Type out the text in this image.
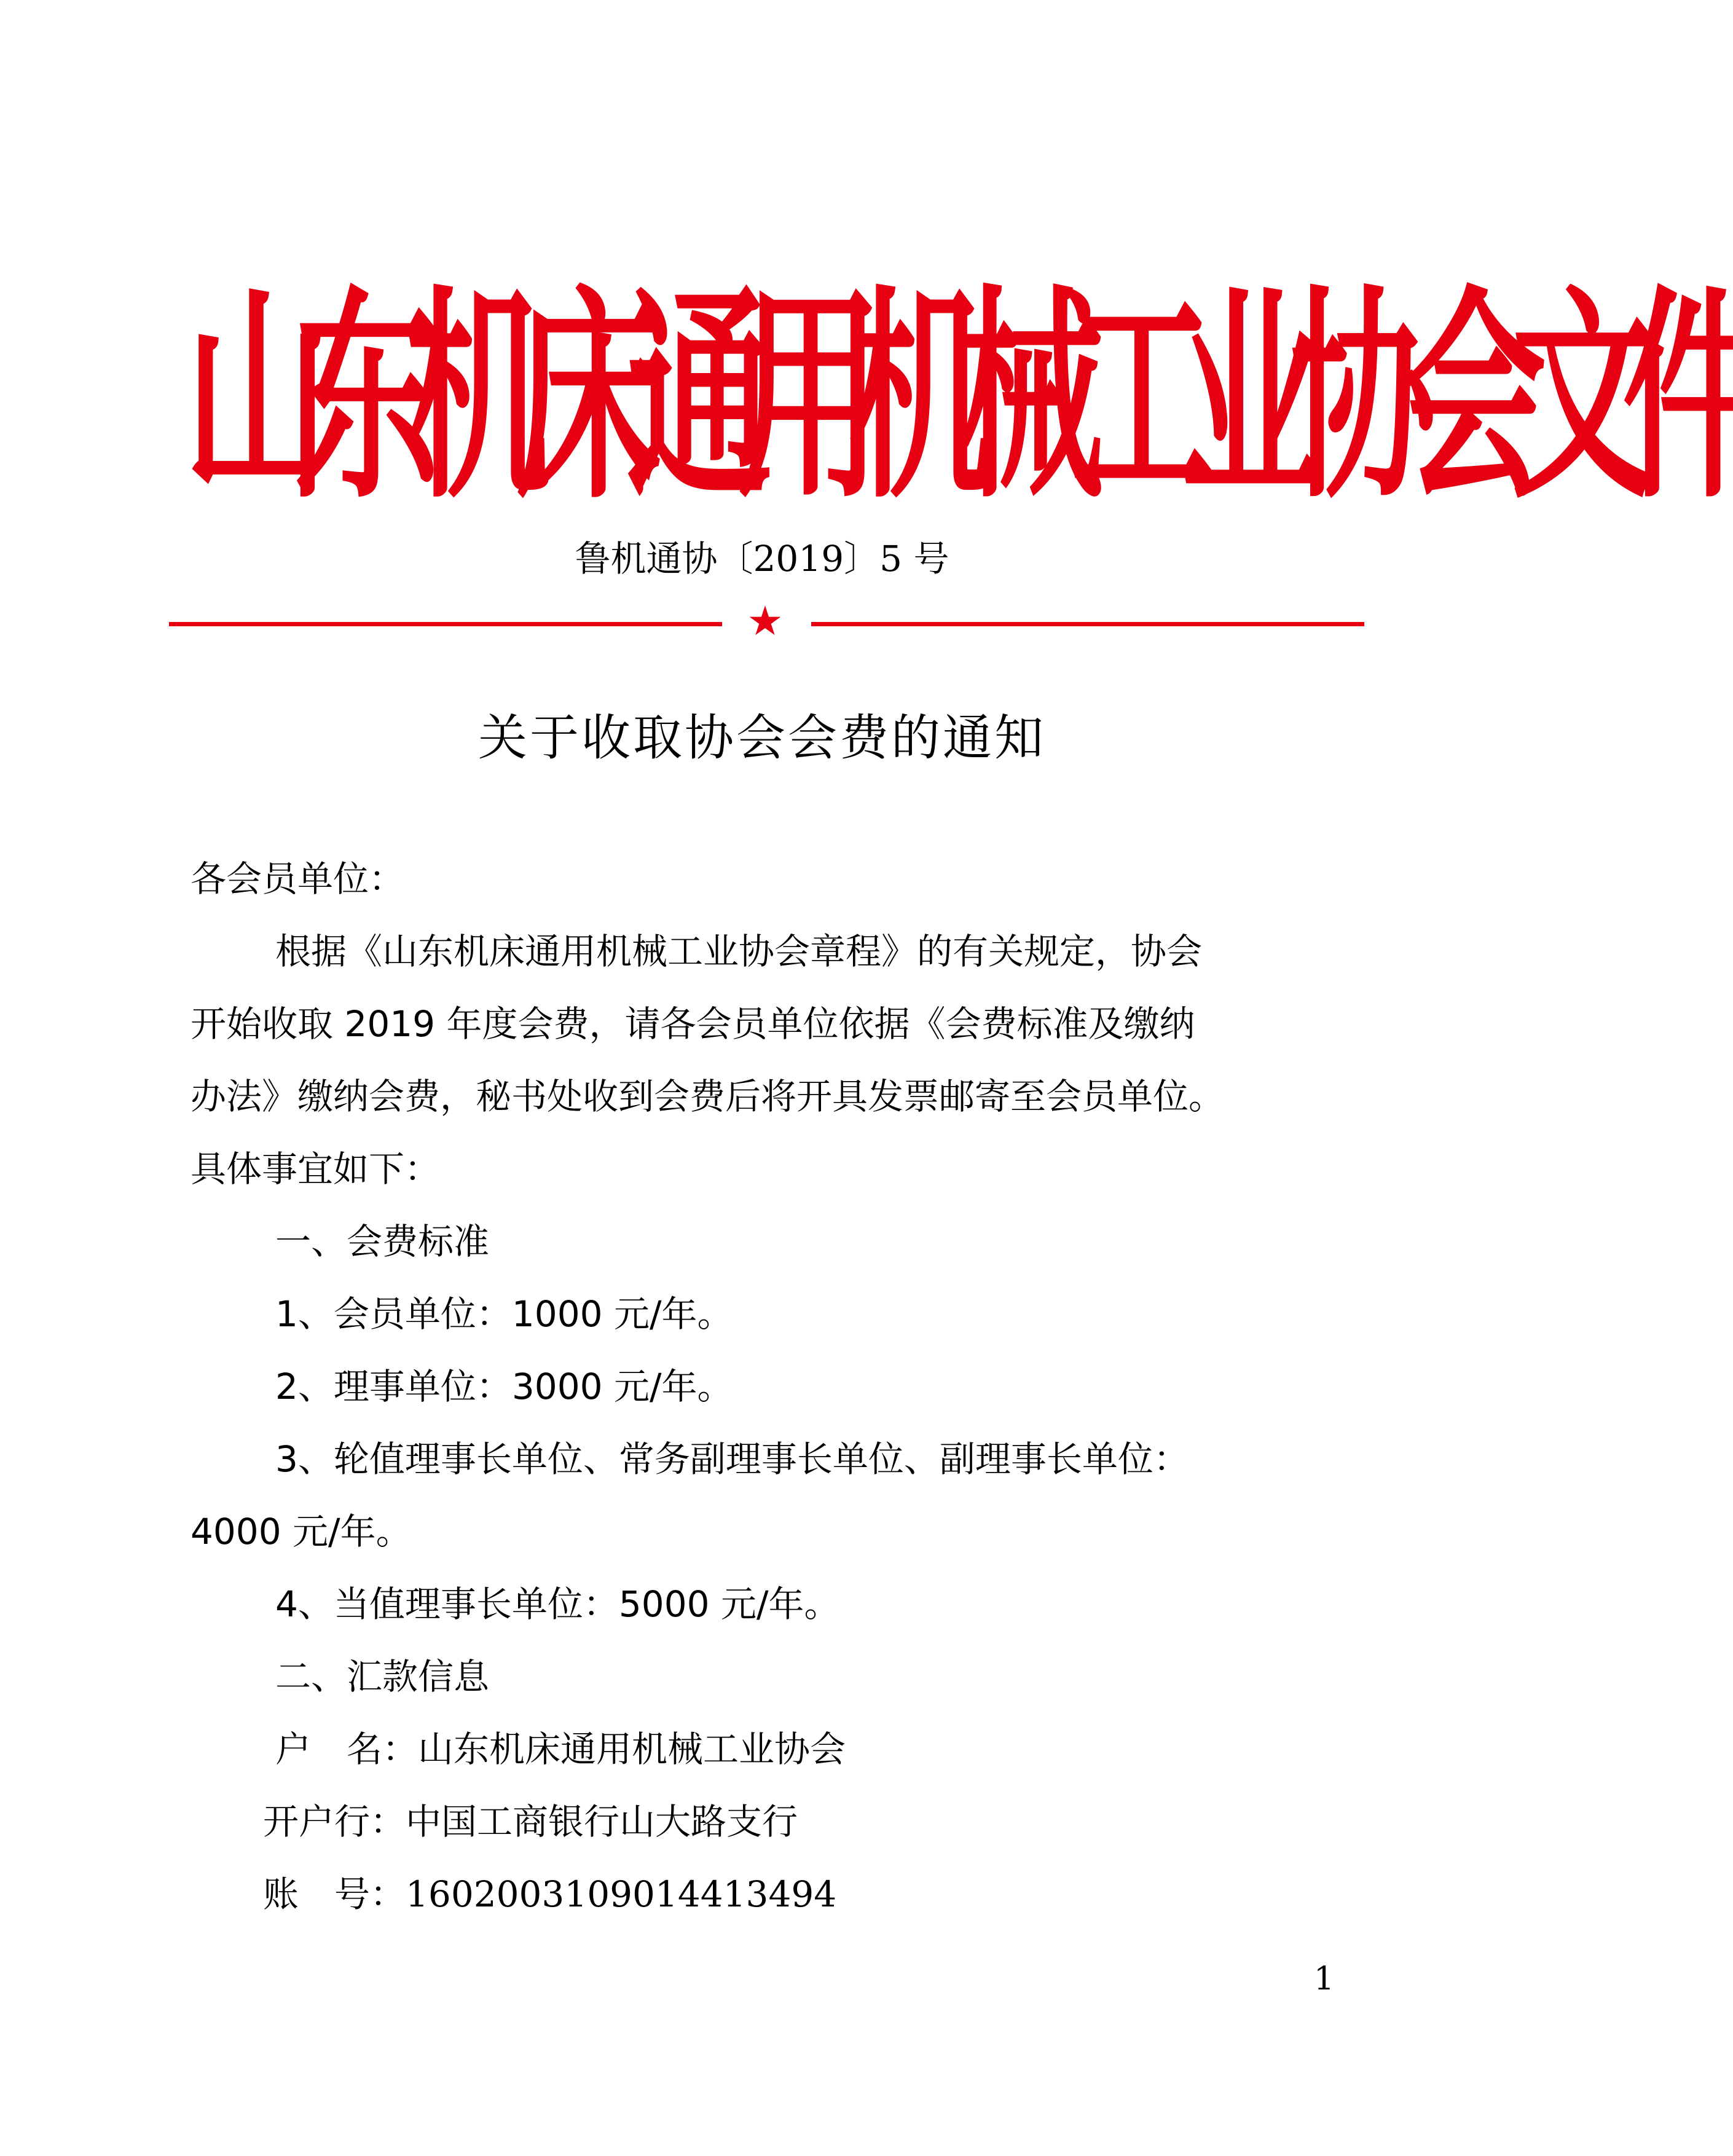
山东机床通用机械工业协会文件
鲁机通协〔2019〕5 号
★
关于收取协会会费的通知
各会员单位：
根据《山东机床通用机械工业协会章程》的有关规定，协会
开始收取 2019 年度会费，请各会员单位依据《会费标准及缴纳
办法》缴纳会费，秘书处收到会费后将开具发票邮寄至会员单位。
具体事宜如下：
一、会费标准
1、会员单位：1000 元/年。
2、理事单位：3000 元/年。
3、轮值理事长单位、常务副理事长单位、副理事长单位：
4000 元/年。
4、当值理事长单位：5000 元/年。
二、汇款信息
户　名：山东机床通用机械工业协会
开户行：中国工商银行山大路支行
账　号：1602003109014413494
1
